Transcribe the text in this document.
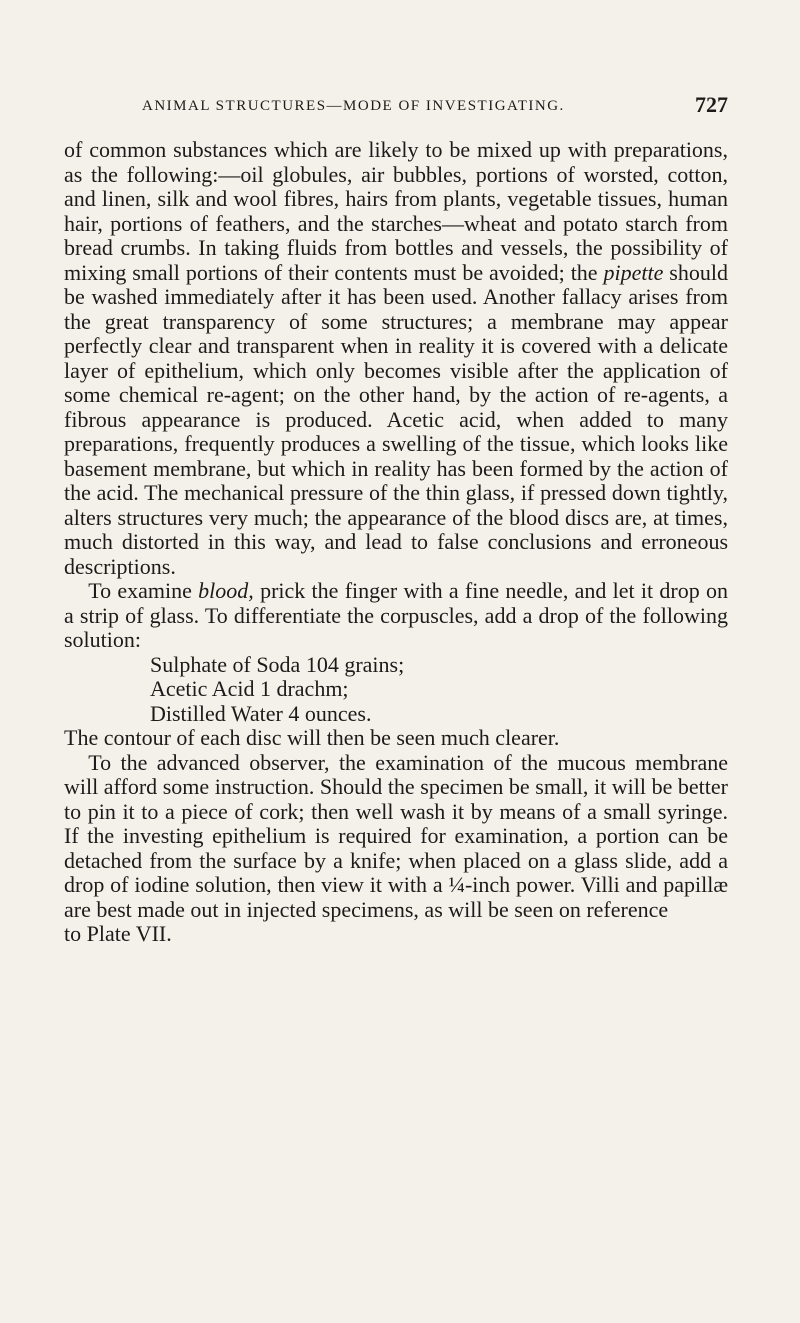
ANIMAL STRUCTURES—MODE OF INVESTIGATING.	727

of common substances which are likely to be mixed up with preparations, as the following:—oil globules, air bubbles, portions of worsted, cotton, and linen, silk and wool fibres, hairs from plants, vegetable tissues, human hair, portions of feathers, and the starches—wheat and potato starch from bread crumbs. In taking fluids from bottles and vessels, the possibility of mixing small portions of their contents must be avoided; the pipette should be washed immediately after it has been used. Another fallacy arises from the great transparency of some structures; a membrane may appear perfectly clear and transparent when in reality it is covered with a delicate layer of epithelium, which only becomes visible after the application of some chemical re-agent; on the other hand, by the action of re-agents, a fibrous appearance is produced. Acetic acid, when added to many preparations, frequently produces a swelling of the tissue, which looks like basement membrane, but which in reality has been formed by the action of the acid. The mechanical pressure of the thin glass, if pressed down tightly, alters structures very much; the appearance of the blood discs are, at times, much distorted in this way, and lead to false conclusions and erroneous descriptions.

To examine blood, prick the finger with a fine needle, and let it drop on a strip of glass. To differentiate the corpuscles, add a drop of the following solution:

Sulphate of Soda 104 grains;
Acetic Acid 1 drachm;
Distilled Water 4 ounces.

The contour of each disc will then be seen much clearer.

To the advanced observer, the examination of the mucous membrane will afford some instruction. Should the specimen be small, it will be better to pin it to a piece of cork; then well wash it by means of a small syringe. If the investing epithelium is required for examination, a portion can be detached from the surface by a knife; when placed on a glass slide, add a drop of iodine solution, then view it with a ¼-inch power. Villi and papillæ are best made out in injected specimens, as will be seen on reference

to Plate VII.
